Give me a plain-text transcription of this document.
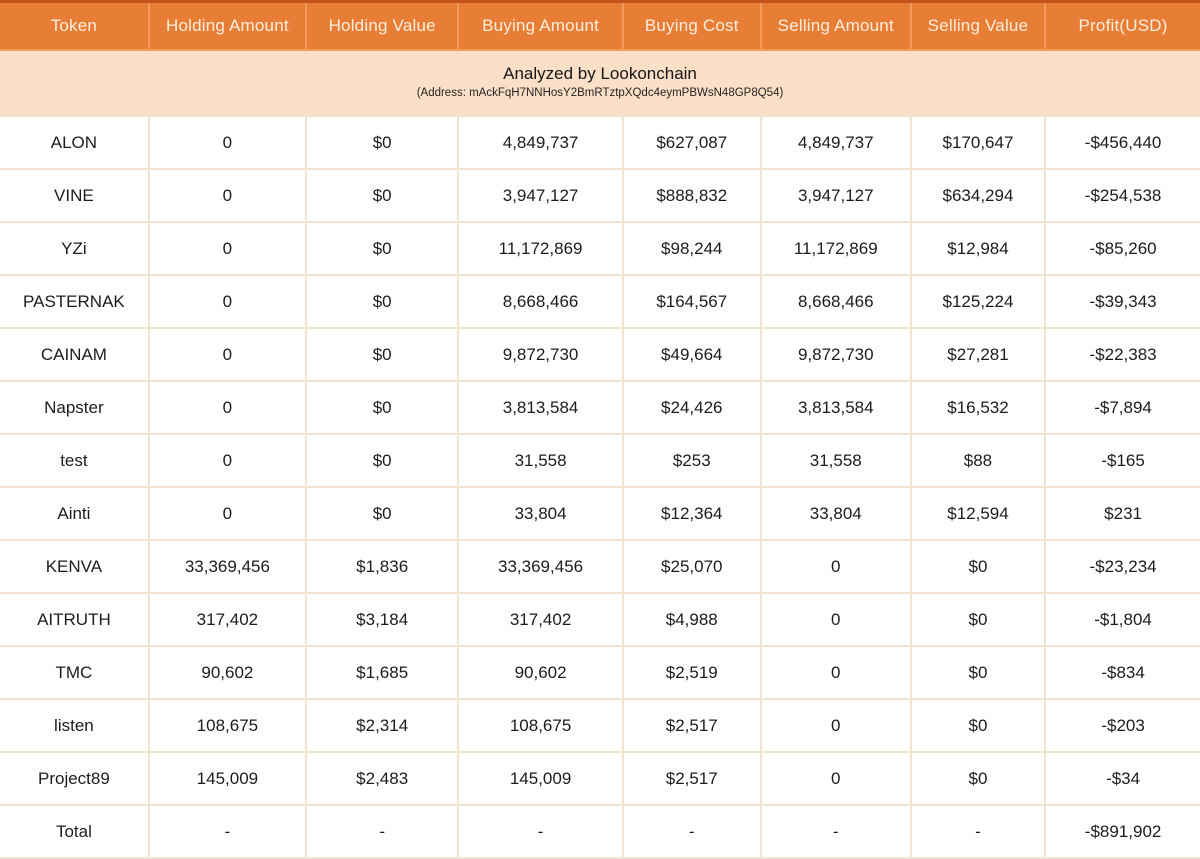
Token	Holding Amount	Holding Value	Buying Amount	Buying Cost	Selling Amount	Selling Value	Profit(USD)

Analyzed by Lookonchain
(Address: mAckFqH7NNHosY2BmRTztpXQdc4eymPBWsN48GP8Q54)							

ALON	0	$0	4,849,737	$627,087	4,849,737	$170,647	-$456,440
VINE	0	$0	3,947,127	$888,832	3,947,127	$634,294	-$254,538
YZi	0	$0	11,172,869	$98,244	11,172,869	$12,984	-$85,260
PASTERNAK	0	$0	8,668,466	$164,567	8,668,466	$125,224	-$39,343
CAINAM	0	$0	9,872,730	$49,664	9,872,730	$27,281	-$22,383
Napster	0	$0	3,813,584	$24,426	3,813,584	$16,532	-$7,894
test	0	$0	31,558	$253	31,558	$88	-$165
Ainti	0	$0	33,804	$12,364	33,804	$12,594	$231
KENVA	33,369,456	$1,836	33,369,456	$25,070	0	$0	-$23,234
AITRUTH	317,402	$3,184	317,402	$4,988	0	$0	-$1,804
TMC	90,602	$1,685	90,602	$2,519	0	$0	-$834
listen	108,675	$2,314	108,675	$2,517	0	$0	-$203
Project89	145,009	$2,483	145,009	$2,517	0	$0	-$34
Total	-	-	-	-	-	-	-$891,902
